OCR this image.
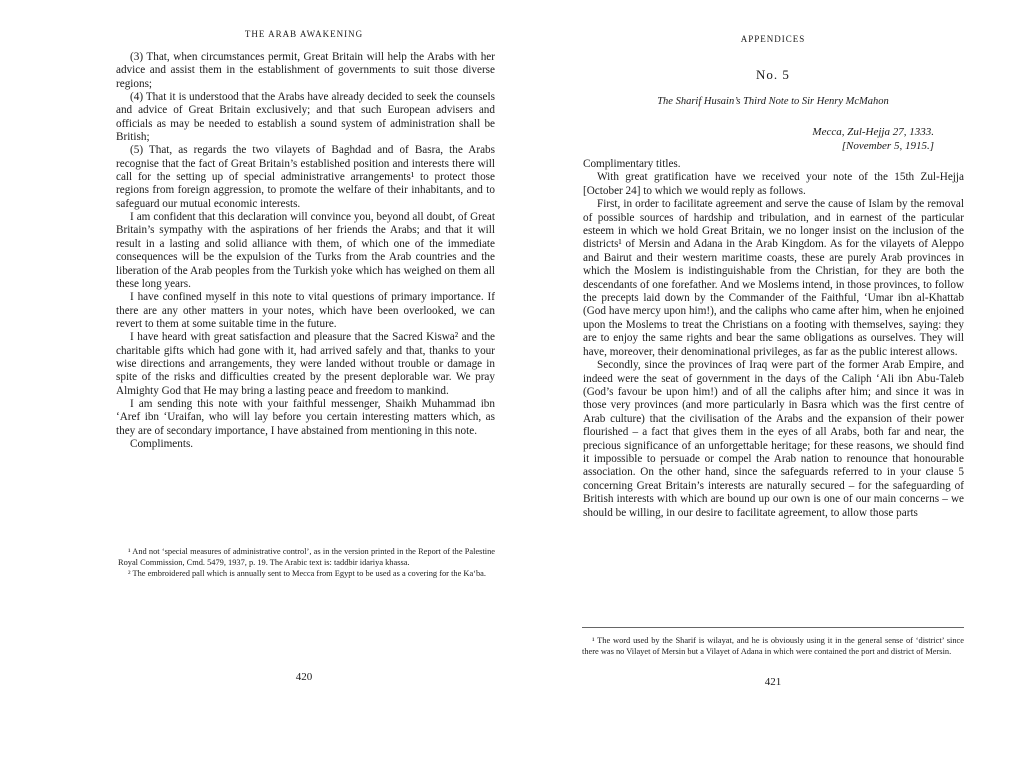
THE ARAB AWAKENING

(3) That, when circumstances permit, Great Britain will help the Arabs with her advice and assist them in the establishment of governments to suit those diverse regions;

(4) That it is understood that the Arabs have already decided to seek the counsels and advice of Great Britain exclusively; and that such European advisers and officials as may be needed to establish a sound system of administration shall be British;

(5) That, as regards the two vilayets of Baghdad and of Basra, the Arabs recognise that the fact of Great Britain’s established position and interests there will call for the setting up of special administrative arrangements¹ to protect those regions from foreign aggression, to promote the welfare of their inhabitants, and to safeguard our mutual economic interests.

I am confident that this declaration will convince you, beyond all doubt, of Great Britain’s sympathy with the aspirations of her friends the Arabs; and that it will result in a lasting and solid alliance with them, of which one of the immediate consequences will be the expulsion of the Turks from the Arab countries and the liberation of the Arab peoples from the Turkish yoke which has weighed on them all these long years.

I have confined myself in this note to vital questions of primary importance. If there are any other matters in your notes, which have been overlooked, we can revert to them at some suitable time in the future.

I have heard with great satisfaction and pleasure that the Sacred Kiswa² and the charitable gifts which had gone with it, had arrived safely and that, thanks to your wise directions and arrangements, they were landed without trouble or damage in spite of the risks and difficulties created by the present deplorable war. We pray Almighty God that He may bring a lasting peace and freedom to mankind.

I am sending this note with your faithful messenger, Shaikh Muhammad ibn ‘Aref ibn ‘Uraifan, who will lay before you certain interesting matters which, as they are of secondary importance, I have abstained from mentioning in this note.

Compliments.

¹ And not ‘special measures of administrative control’, as in the version printed in the Report of the Palestine Royal Commission, Cmd. 5479, 1937, p. 19. The Arabic text is: taddbir idariya khassa.

² The embroidered pall which is annually sent to Mecca from Egypt to be used as a covering for the Ka‘ba.

420
APPENDICES
No. 5
The Sharif Husain’s Third Note to Sir Henry McMahon
Mecca, Zul-Hejja 27, 1333.
[November 5, 1915.]

Complimentary titles.

With great gratification have we received your note of the 15th Zul-Hejja [October 24] to which we would reply as follows.

First, in order to facilitate agreement and serve the cause of Islam by the removal of possible sources of hardship and tribulation, and in earnest of the particular esteem in which we hold Great Britain, we no longer insist on the inclusion of the districts¹ of Mersin and Adana in the Arab Kingdom. As for the vilayets of Aleppo and Bairut and their western maritime coasts, these are purely Arab provinces in which the Moslem is indistinguishable from the Christian, for they are both the descendants of one forefather. And we Moslems intend, in those provinces, to follow the precepts laid down by the Commander of the Faithful, ‘Umar ibn al-Khattab (God have mercy upon him!), and the caliphs who came after him, when he enjoined upon the Moslems to treat the Christians on a footing with themselves, saying: they are to enjoy the same rights and bear the same obligations as ourselves. They will have, moreover, their denominational privileges, as far as the public interest allows.

Secondly, since the provinces of Iraq were part of the former Arab Empire, and indeed were the seat of government in the days of the Caliph ‘Ali ibn Abu-Taleb (God’s favour be upon him!) and of all the caliphs after him; and since it was in those very provinces (and more particularly in Basra which was the first centre of Arab culture) that the civilisation of the Arabs and the expansion of their power flourished – a fact that gives them in the eyes of all Arabs, both far and near, the precious significance of an unforgettable heritage; for these reasons, we should find it impossible to persuade or compel the Arab nation to renounce that honourable association. On the other hand, since the safeguards referred to in your clause 5 concerning Great Britain’s interests are naturally secured – for the safeguarding of British interests with which are bound up our own is one of our main concerns – we should be willing, in our desire to facilitate agreement, to allow those parts

¹ The word used by the Sharif is wilayat, and he is obviously using it in the general sense of ‘district’ since there was no Vilayet of Mersin but a Vilayet of Adana in which were contained the port and district of Mersin.

421
